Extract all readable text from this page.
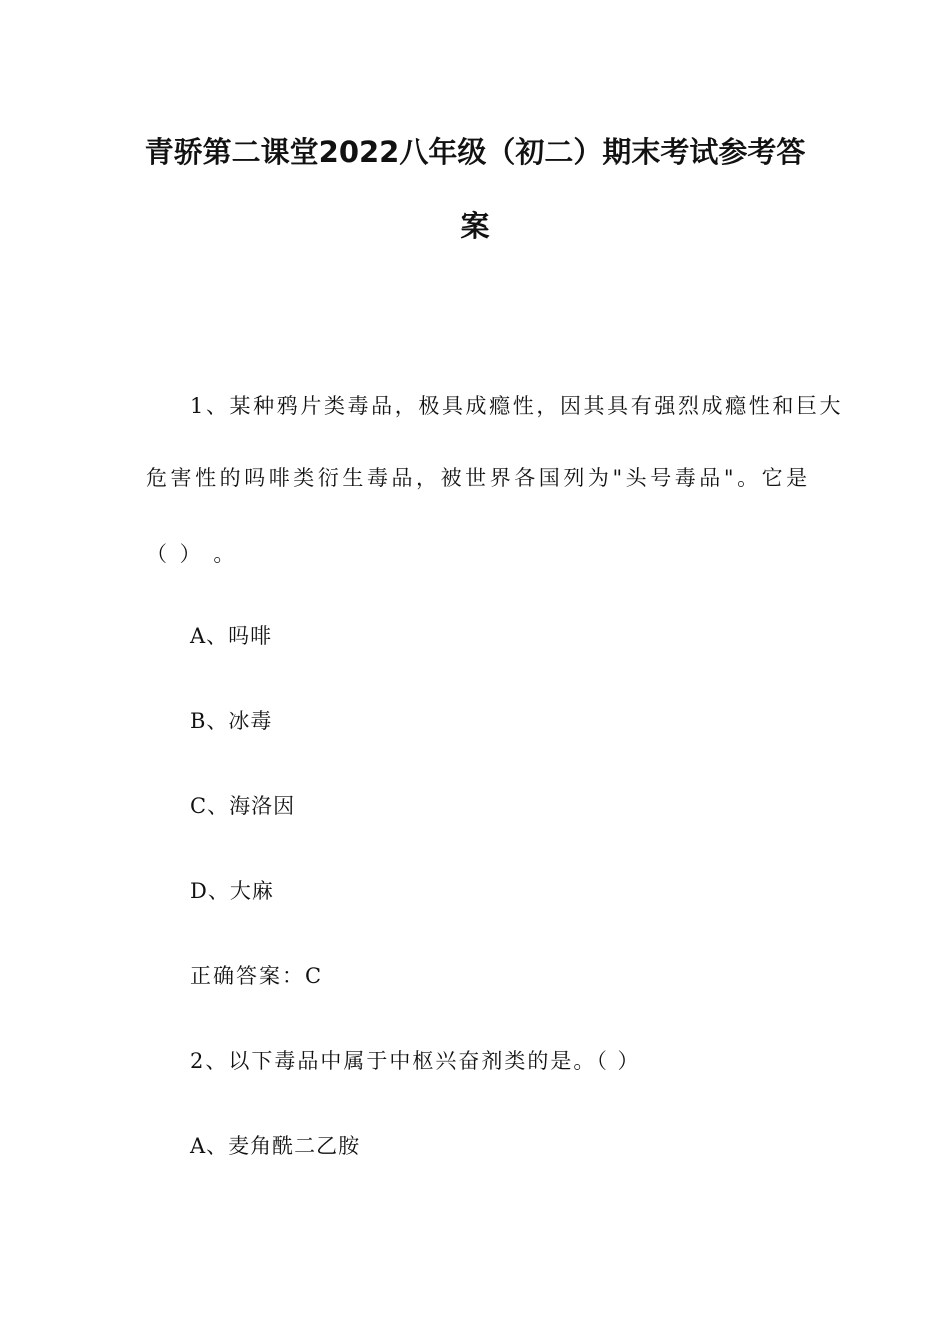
青骄第二课堂2022八年级（初二）期末考试参考答
案

1、某种鸦片类毒品，极具成瘾性，因其具有强烈成瘾性和巨大

危害性的吗啡类衍生毒品，被世界各国列为"头号毒品"。它是

（ ） 。

A、吗啡

B、冰毒

C、海洛因

D、大麻

正确答案：C

2、以下毒品中属于中枢兴奋剂类的是。（ ）

A、麦角酰二乙胺
